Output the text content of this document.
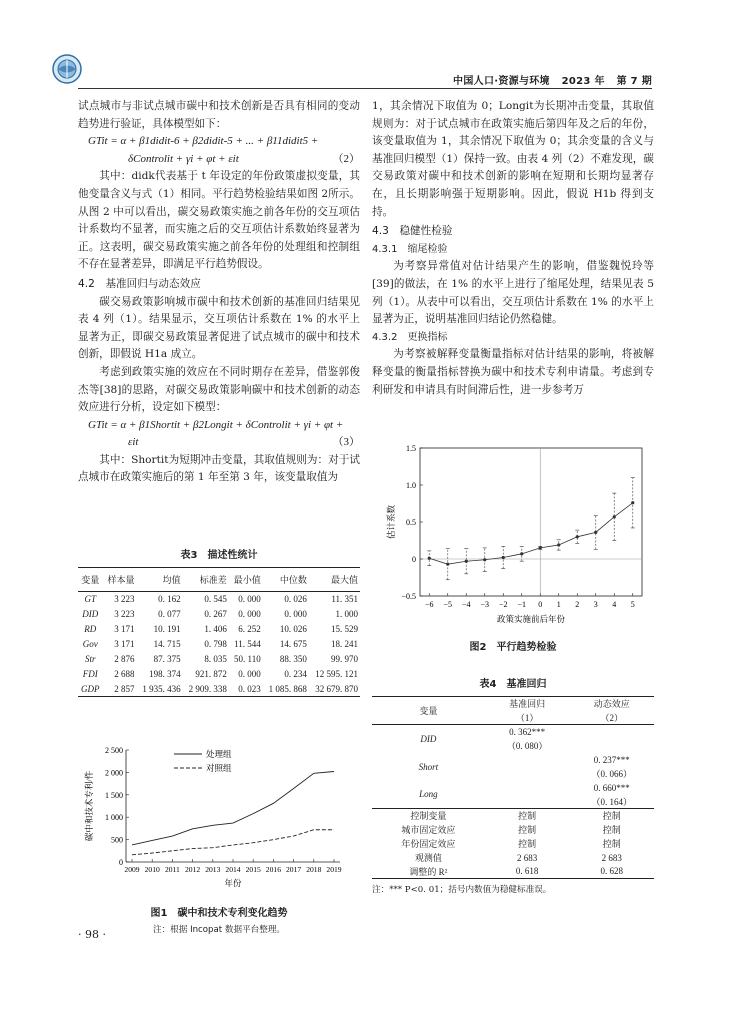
中国人口·资源与环境 2023 年 第 7 期

试点城市与非试点城市碳中和技术创新是否具有相同的变动趋势进行验证，具体模型如下：

GTit = α + β1didit-6 + β2didit-5 + ... + β11didit5 +
δControlit + γi + φt + εit	（2）

其中：didk代表基于 t 年设定的年份政策虚拟变量，其他变量含义与式（1）相同。平行趋势检验结果如图 2所示。从图 2 中可以看出，碳交易政策实施之前各年份的交互项估计系数均不显著，而实施之后的交互项估计系数始终显著为正。这表明，碳交易政策实施之前各年份的处理组和控制组不存在显著差异，即满足平行趋势假设。

4.2　基准回归与动态效应

碳交易政策影响城市碳中和技术创新的基准回归结果见表 4 列（1）。结果显示，交互项估计系数在 1% 的水平上显著为正，即碳交易政策显著促进了试点城市的碳中和技术创新，即假说 H1a 成立。

考虑到政策实施的效应在不同时期存在差异，借鉴郭俊杰等[38]的思路，对碳交易政策影响碳中和技术创新的动态效应进行分析，设定如下模型：

GTit = α + β1Shortit + β2Longit + δControlit + γi + φt +
εit	（3）

其中：Shortit为短期冲击变量，其取值规则为：对于试点城市在政策实施后的第 1 年至第 3 年，该变量取值为

表3　描述性统计
变量	样本量	均值	标准差	最小值	中位数	最大值
GT	3 223	0. 162	0. 545	0. 000	0. 026	11. 351
DID	3 223	0. 077	0. 267	0. 000	0. 000	1. 000
RD	3 171	10. 191	1. 406	6. 252	10. 026	15. 529
Gov	3 171	14. 715	0. 798	11. 544	14. 675	18. 241
Str	2 876	87. 375	8. 035	50. 110	88. 350	99. 970
FDI	2 688	198. 374	921. 872	0. 000	0. 234	12 595. 121
GDP	2 857	1 935. 436	2 909. 338	0. 023	1 085. 868	32 679. 870
0
500
1 000
1 500
2 000
2 500
2009 2010 2011 2012 2013 2014 2015 2016 2017 2018 2019
年份
碳中和技术专利/件
处理组
对照组
图1　碳中和技术专利变化趋势
注：根据 Incopat 数据平台整理。
· 98 ·

1，其余情况下取值为 0；Longit为长期冲击变量，其取值规则为：对于试点城市在政策实施后第四年及之后的年份，该变量取值为 1，其余情况下取值为 0；其余变量的含义与基准回归模型（1）保持一致。由表 4 列（2）不难发现，碳交易政策对碳中和技术创新的影响在短期和长期均显著存在，且长期影响强于短期影响。因此，假说 H1b 得到支持。

4.3　稳健性检验

4.3.1　缩尾检验

为考察异常值对估计结果产生的影响，借鉴魏悦玲等[39]的做法，在 1% 的水平上进行了缩尾处理，结果见表 5列（1）。从表中可以看出，交互项估计系数在 1% 的水平上显著为正，说明基准回归结论仍然稳健。

4.3.2　更换指标

为考察被解释变量衡量指标对估计结果的影响，将被解释变量的衡量指标替换为碳中和技术专利申请量。考虑到专利研发和申请具有时间滞后性，进一步参考万

−0.5
0
0.5
1.0
1.5
−6 −5 −4 −3 −2 −1 0 1 2 3 4 5
政策实施前后年份
估计系数
图2　平行趋势检验
表4　基准回归
变量	基准回归	动态效应
	（1）	（2）
DID	0. 362***	
	（0. 080）	
Short		0. 237***
		（0. 066）
Long		0. 660***
		（0. 164）
控制变量	控制	控制
城市固定效应	控制	控制
年份固定效应	控制	控制
观测值	2 683	2 683
调整的 R²	0. 618	0. 628
注：*** P<0. 01；括号内数值为稳健标准误。
